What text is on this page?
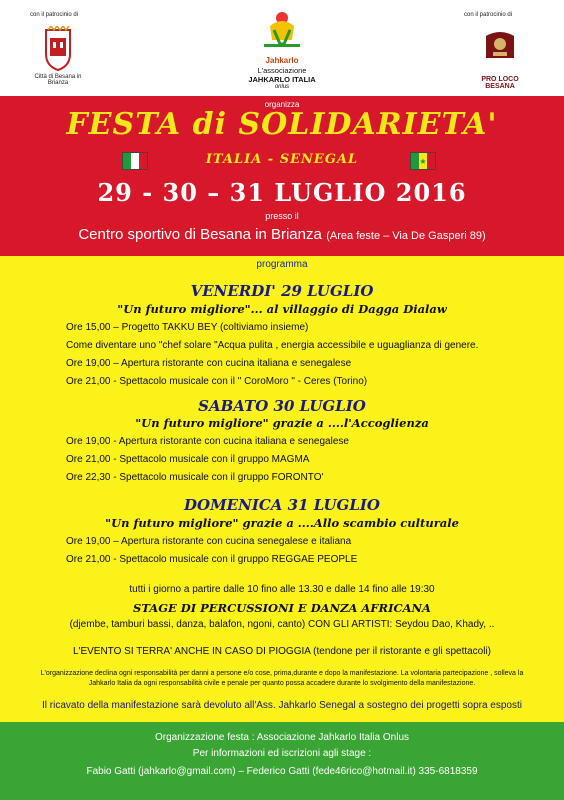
con il patrocinio di
Città di Besana in Brianza
Jahkarlo
L'associazione
JAHKARLO ITALIA
onlus
con il patrocinio di
PRO LOCO BESANA
organizza
FESTA di SOLIDARIETA'
ITALIA - SENEGAL	★
29 - 30 – 31 LUGLIO 2016
presso il
Centro sportivo di Besana in Brianza (Area feste – Via De Gasperi 89)
programma
VENERDI' 29 LUGLIO
"Un futuro migliore"... al villaggio di Dagga Dialaw
Ore 15,00 – Progetto TAKKU BEY (coltiviamo insieme)
Come diventare uno "chef solare "Acqua pulita , energia accessibile e uguaglianza di genere.
Ore 19,00 – Apertura ristorante con cucina italiana e senegalese
Ore 21,00 - Spettacolo musicale con il " CoroMoro " - Ceres (Torino)
SABATO 30 LUGLIO
"Un futuro migliore" grazie a ....l'Accoglienza
Ore 19,00 - Apertura ristorante con cucina italiana e senegalese
Ore 21,00 - Spettacolo musicale con il gruppo MAGMA
Ore 22,30 - Spettacolo musicale con il gruppo FORONTO'
DOMENICA 31 LUGLIO
"Un futuro migliore" grazie a ....Allo scambio culturale
Ore 19,00 – Apertura ristorante con cucina senegalese e italiana
Ore 21,00 - Spettacolo musicale con il gruppo REGGAE PEOPLE
tutti i giorno a partire dalle 10 fino alle 13.30 e dalle 14 fino alle 19:30
STAGE DI PERCUSSIONI E DANZA AFRICANA
(djembe, tamburi bassi, danza, balafon, ngoni, canto) CON GLI ARTISTI: Seydou Dao, Khady, ..
L'EVENTO SI TERRA' ANCHE IN CASO DI PIOGGIA (tendone per il ristorante e gli spettacoli)
L'organizzazione declina ogni responsabilità per danni a persone e/o cose, prima,durante e dopo la manifestazione. La volontaria partecipazione , solleva la
Jahkarlo Italia da ogni responsabilità civile e penale per quanto possa accadere durante lo svolgimento della manifestazione.
Il ricavato della manifestazione sarà devoluto all'Ass. Jahkarlo Senegal a sostegno dei progetti sopra esposti
Organizzazione festa : Associazione Jahkarlo Italia Onlus
Per informazioni ed iscrizioni agli stage :
Fabio Gatti (jahkarlo@gmail.com) – Federico Gatti (fede46rico@hotmail.it) 335-6818359
